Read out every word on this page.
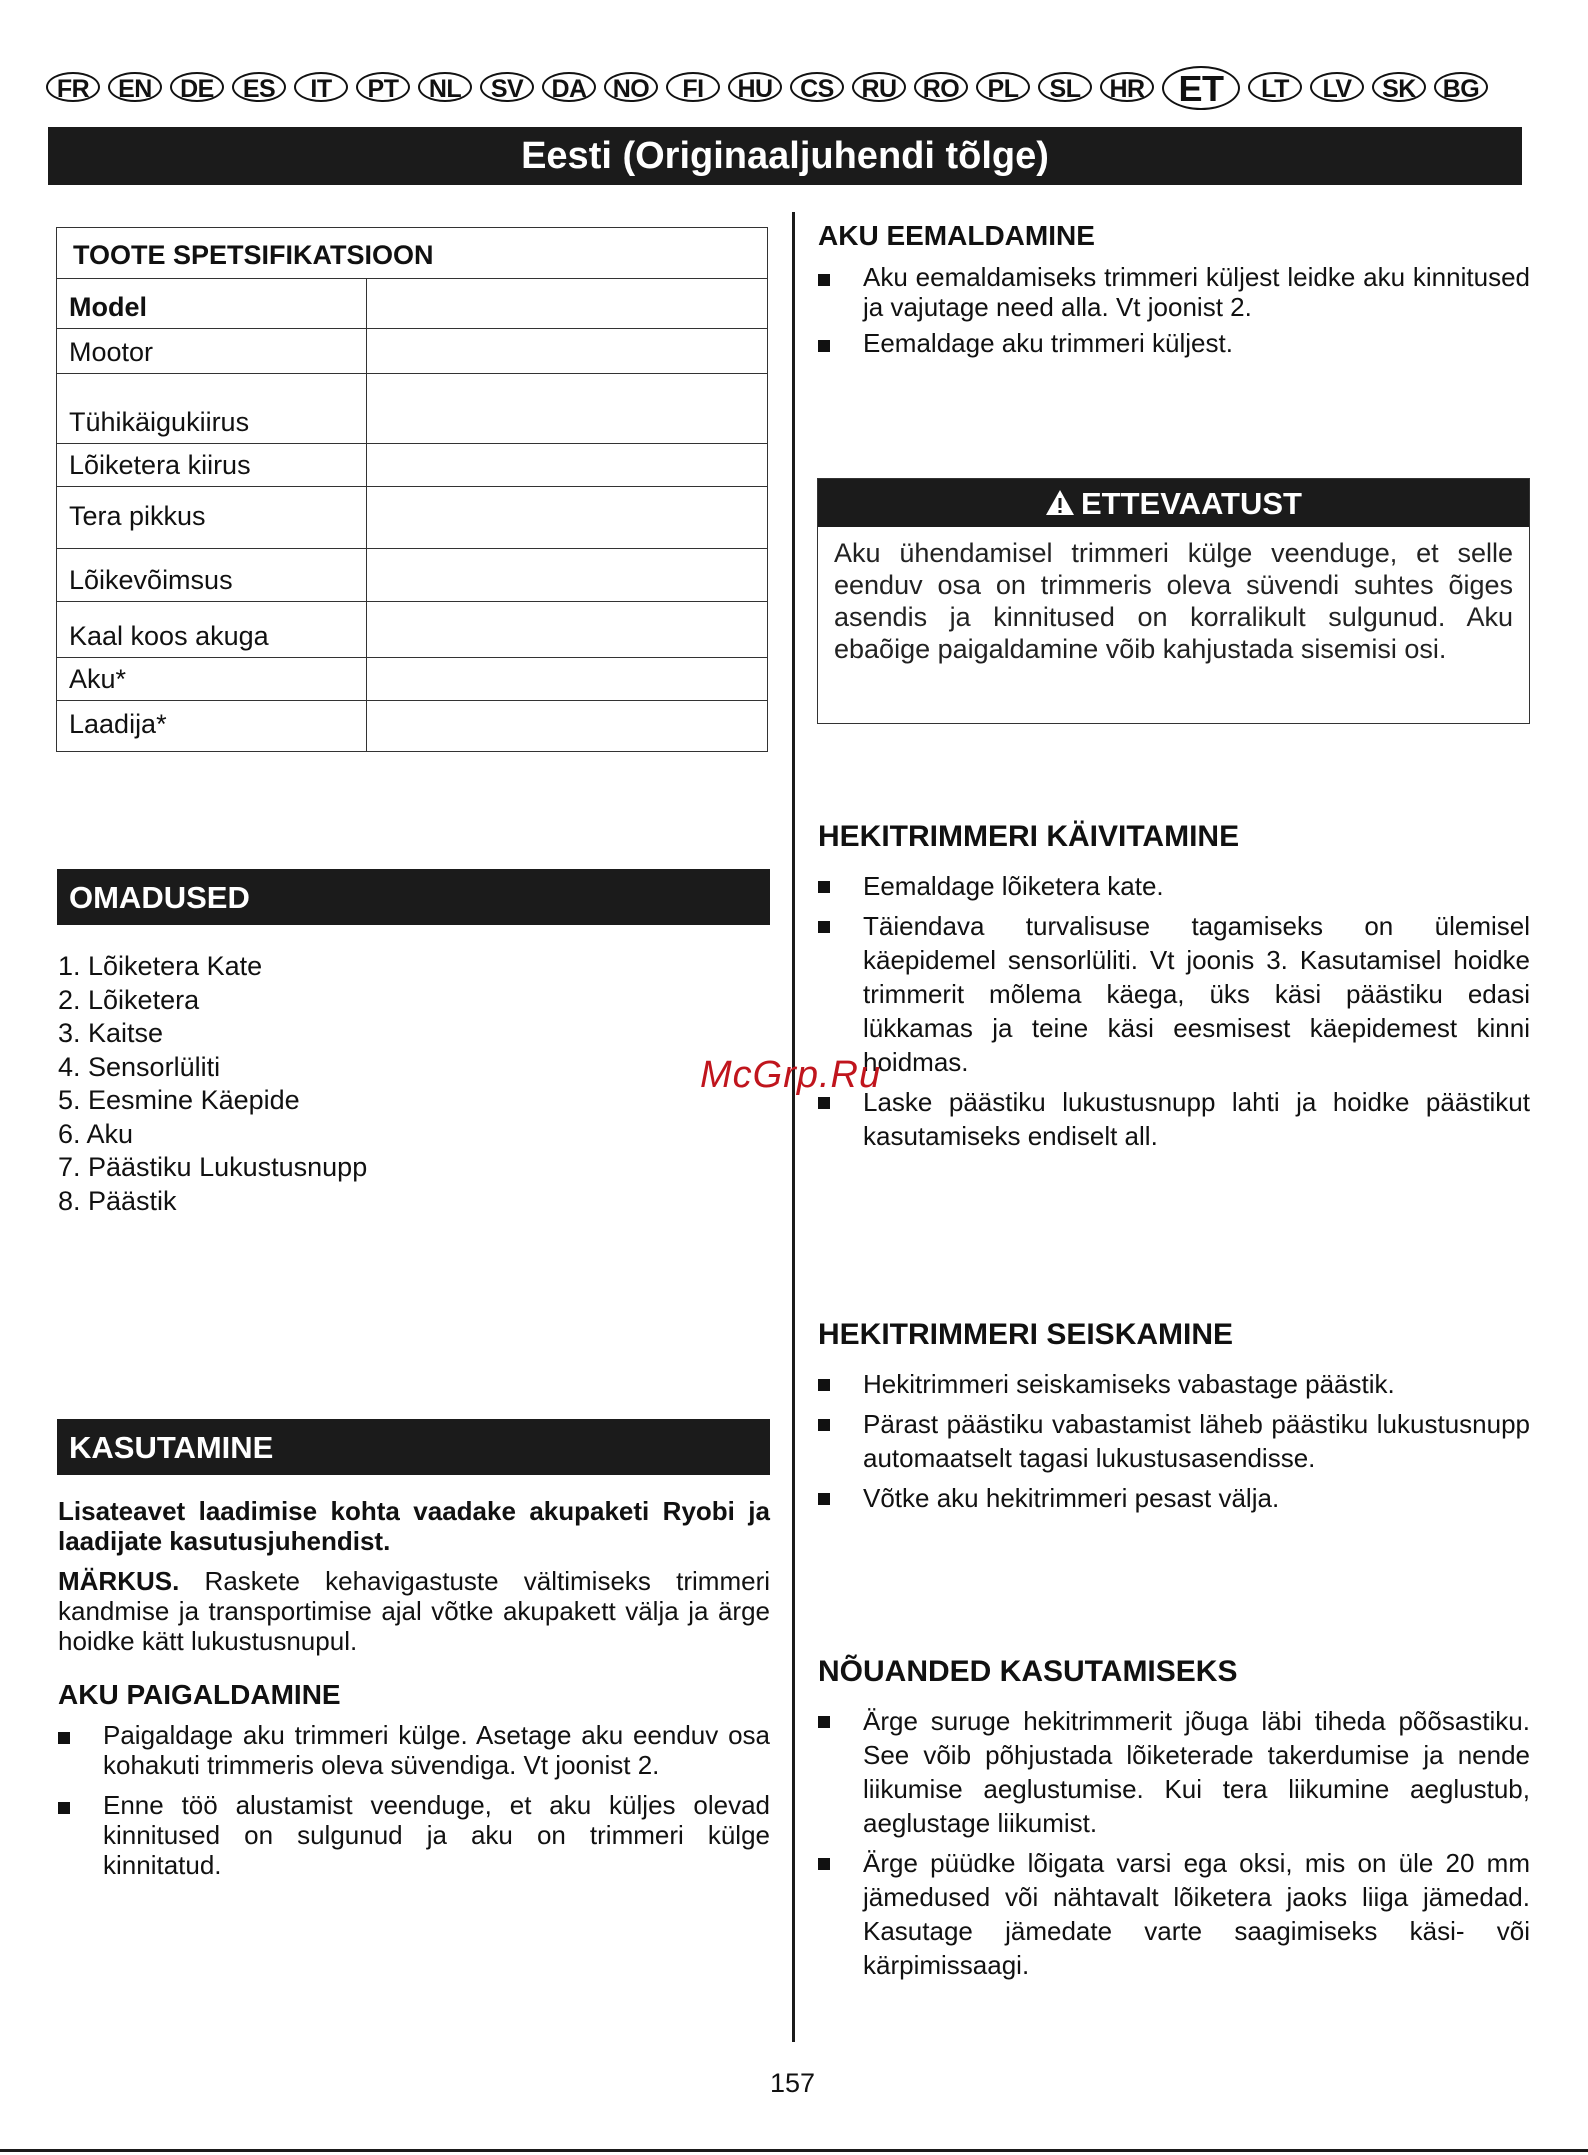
FR	EN	DE	ES	IT	PT	NL	SV	DA	NO	FI	HU	CS	RU	RO	PL	SL	HR ET	LT	LV	SK	BG
Eesti (Originaaljuhendi tõlge)
TOOTE SPETSIFIKATSIOON
Model
Mootor
Tühikäigukiirus
Lõiketera kiirus
Tera pikkus
Lõikevõimsus
Kaal koos akuga
Aku*
Laadija*
OMADUSED
1. Lõiketera Kate
2. Lõiketera
3. Kaitse
4. Sensorlüliti
5. Eesmine Käepide
6. Aku
7. Päästiku Lukustusnupp
8. Päästik
KASUTAMINE
Lisateavet laadimise kohta vaadake akupaketi Ryobi ja laadijate kasutusjuhendist.
MÄRKUS. Raskete kehavigastuste vältimiseks trimmeri kandmise ja transportimise ajal võtke akupakett välja ja ärge hoidke kätt lukustusnupul.
AKU PAIGALDAMINE
Paigaldage aku trimmeri külge. Asetage aku eenduv osa kohakuti trimmeris oleva süvendiga. Vt joonist 2.
Enne töö alustamist veenduge, et aku küljes olevad kinnitused on sulgunud ja aku on trimmeri külge kinnitatud.
AKU EEMALDAMINE
Aku eemaldamiseks trimmeri küljest leidke aku kinnitused ja vajutage need alla. Vt joonist 2.
Eemaldage aku trimmeri küljest.
ETTEVAATUST
Aku ühendamisel trimmeri külge veenduge, et selle eenduv osa on trimmeris oleva süvendi suhtes õiges asendis ja kinnitused on korralikult sulgunud. Aku ebaõige paigaldamine võib kahjustada sisemisi osi.
HEKITRIMMERI KÄIVITAMINE
Eemaldage lõiketera kate.
Täiendava turvalisuse tagamiseks on ülemisel käepidemel sensorlüliti. Vt joonis 3. Kasutamisel hoidke trimmerit mõlema käega, üks käsi päästiku edasi lükkamas ja teine käsi eesmisest käepidemest kinni hoidmas.
Laske päästiku lukustusnupp lahti ja hoidke päästikut kasutamiseks endiselt all.
HEKITRIMMERI SEISKAMINE
Hekitrimmeri seiskamiseks vabastage päästik.
Pärast päästiku vabastamist läheb päästiku lukustusnupp automaatselt tagasi lukustusasendisse.
Võtke aku hekitrimmeri pesast välja.
NÕUANDED KASUTAMISEKS
Ärge suruge hekitrimmerit jõuga läbi tiheda põõsastiku. See võib põhjustada lõiketerade takerdumise ja nende liikumise aeglustumise. Kui tera liikumine aeglustub, aeglustage liikumist.
Ärge püüdke lõigata varsi ega oksi, mis on üle 20 mm jämedused või nähtavalt lõiketera jaoks liiga jämedad. Kasutage jämedate varte saagimiseks käsi- või kärpimissaagi.
McGrp.Ru
157
